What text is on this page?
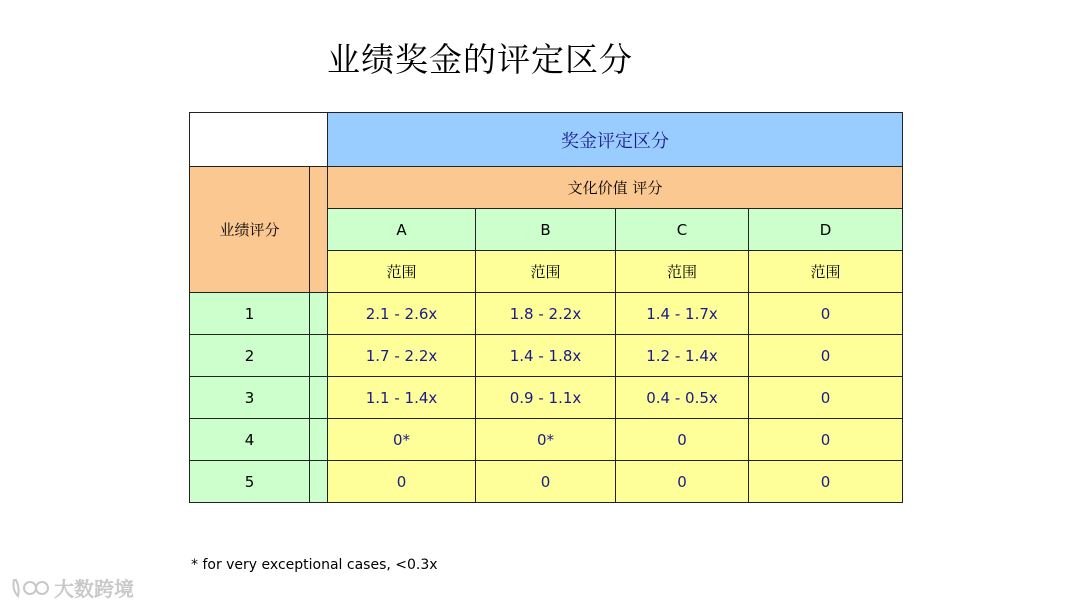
业绩奖金的评定区分
		奖金评定区分			
业绩评分		文化价值 评分			
		A	B	C	D
		范围	范围	范围	范围
1		2.1 - 2.6x	1.8 - 2.2x	1.4 - 1.7x	0
2		1.7 - 2.2x	1.4 - 1.8x	1.2 - 1.4x	0
3		1.1 - 1.4x	0.9 - 1.1x	0.4 - 0.5x	0
4		0*	0*	0	0
5		0	0	0	0
* for very exceptional cases, <0.3x
大数跨境
